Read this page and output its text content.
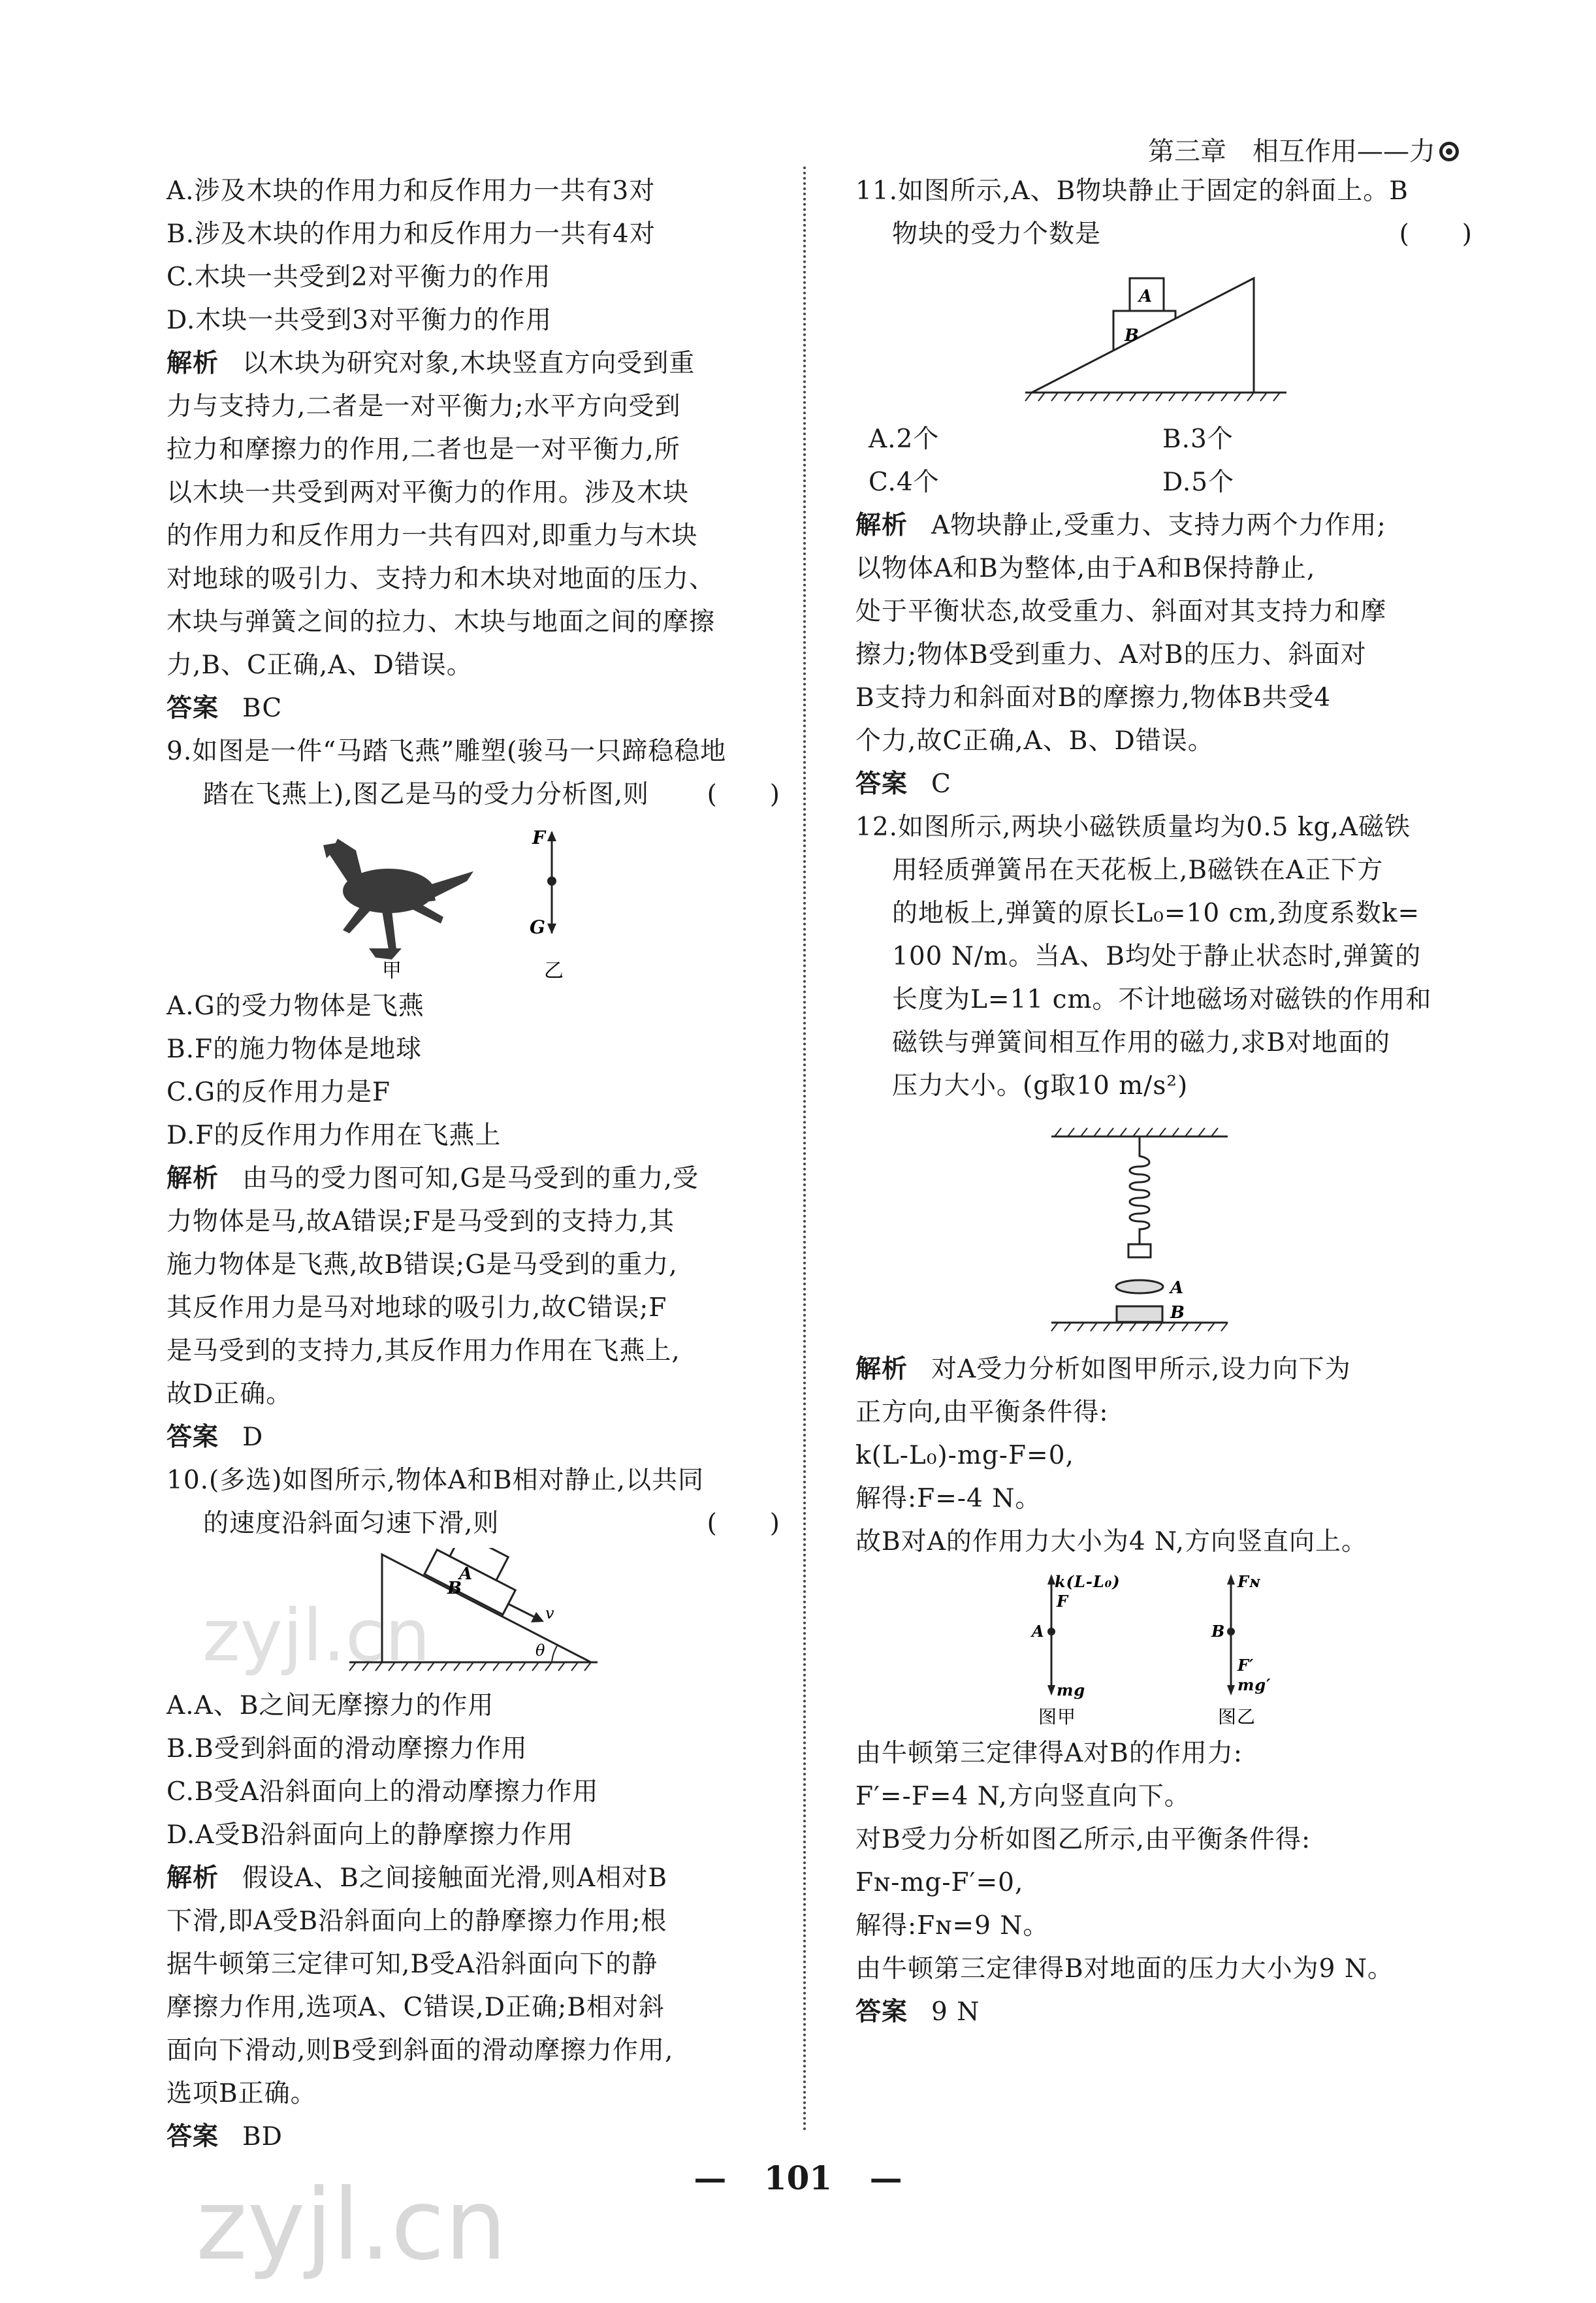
第三章　相互作用——力
A.涉及木块的作用力和反作用力一共有3对
B.涉及木块的作用力和反作用力一共有4对
C.木块一共受到2对平衡力的作用
D.木块一共受到3对平衡力的作用
解析 以木块为研究对象,木块竖直方向受到重
力与支持力,二者是一对平衡力;水平方向受到
拉力和摩擦力的作用,二者也是一对平衡力,所
以木块一共受到两对平衡力的作用。涉及木块
的作用力和反作用力一共有四对,即重力与木块
对地球的吸引力、支持力和木块对地面的压力、
木块与弹簧之间的拉力、木块与地面之间的摩擦
力,B、C正确,A、D错误。
答案 BC
9.如图是一件“马踏飞燕”雕塑(骏马一只蹄稳稳地
踏在飞燕上),图乙是马的受力分析图,则 (　　)
F
G
甲	乙
A.G的受力物体是飞燕
B.F的施力物体是地球
C.G的反作用力是F
D.F的反作用力作用在飞燕上
解析 由马的受力图可知,G是马受到的重力,受
力物体是马,故A错误;F是马受到的支持力,其
施力物体是飞燕,故B错误;G是马受到的重力,
其反作用力是马对地球的吸引力,故C错误;F
是马受到的支持力,其反作用力作用在飞燕上,
故D正确。
答案 D
10.(多选)如图所示,物体A和B相对静止,以共同
的速度沿斜面匀速下滑,则	(　　)
A
B
v
θ
A.A、B之间无摩擦力的作用
B.B受到斜面的滑动摩擦力作用
C.B受A沿斜面向上的滑动摩擦力作用
D.A受B沿斜面向上的静摩擦力作用
解析 假设A、B之间接触面光滑,则A相对B
下滑,即A受B沿斜面向上的静摩擦力作用;根
据牛顿第三定律可知,B受A沿斜面向下的静
摩擦力作用,选项A、C错误,D正确;B相对斜
面向下滑动,则B受到斜面的滑动摩擦力作用,
选项B正确。
答案 BD
11.如图所示,A、B物块静止于固定的斜面上。B
物块的受力个数是	(　　)
A
B
A.2个	B.3个
C.4个	D.5个
解析 A物块静止,受重力、支持力两个力作用;
以物体A和B为整体,由于A和B保持静止,
处于平衡状态,故受重力、斜面对其支持力和摩
擦力;物体B受到重力、A对B的压力、斜面对
B支持力和斜面对B的摩擦力,物体B共受4
个力,故C正确,A、B、D错误。
答案 C
12.如图所示,两块小磁铁质量均为0.5 kg,A磁铁
用轻质弹簧吊在天花板上,B磁铁在A正下方
的地板上,弹簧的原长L₀=10 cm,劲度系数k=
100 N/m。当A、B均处于静止状态时,弹簧的
长度为L=11 cm。不计地磁场对磁铁的作用和
磁铁与弹簧间相互作用的磁力,求B对地面的
压力大小。(g取10 m/s²)
A
B
解析 对A受力分析如图甲所示,设力向下为
正方向,由平衡条件得:
k(L-L₀)-mg-F=0,
解得:F=-4 N。
故B对A的作用力大小为4 N,方向竖直向上。
k(L-L₀)
F
A
mg
图甲
Fɴ
B
F′
mg′
图乙
由牛顿第三定律得A对B的作用力:
F′=-F=4 N,方向竖直向下。
对B受力分析如图乙所示,由平衡条件得:
Fɴ-mg-F′=0,
解得:Fɴ=9 N。
由牛顿第三定律得B对地面的压力大小为9 N。
答案 9 N
zyjl.cn
zyjl.cn	— 101 —
